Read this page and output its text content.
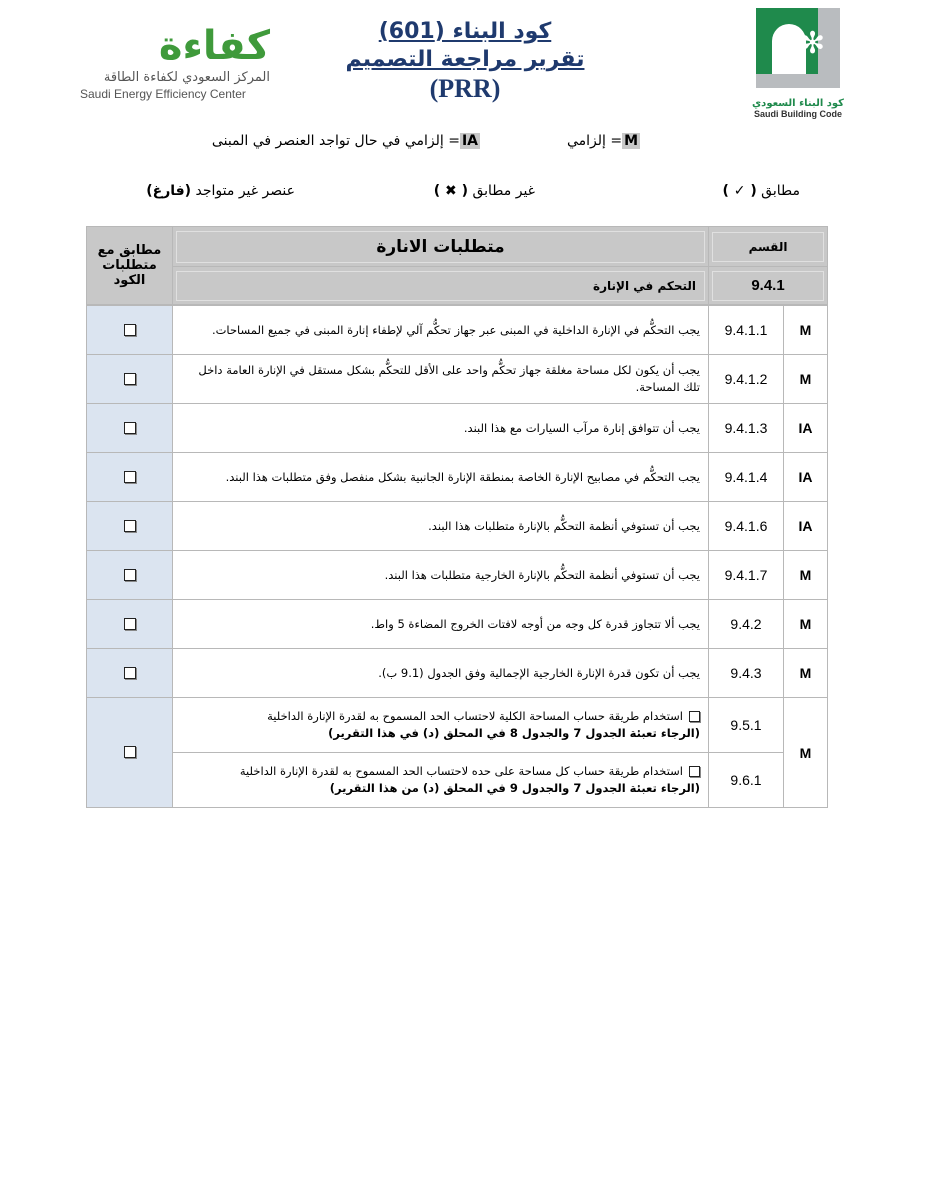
كفاءة
المركز السعودي لكفاءة الطاقة
Saudi Energy Efficiency Center
كود البناء (601)
تقرير مراجعة التصميم
(PRR)
✻
كود البناء السعودي
Saudi Building Code
M= إلزامي
IA= إلزامي في حال تواجد العنصر في المبنى
مطابق ( ✓ )
غير مطابق ( ✖ )
عنصر غير متواجد (فارغ)
مطابق مع متطلبات الكود	متطلبات الانارة	القسم	

	التحكم في الإنارة	9.4.1	

	يجب التحكُّم في الإنارة الداخلية في المبنى عبر جهاز تحكُّم آلي لإطفاء إنارة المبنى في جميع المساحات.	9.4.1.1	M
	يجب أن يكون لكل مساحة مغلقة جهاز تحكُّم واحد على الأقل للتحكُّم بشكل مستقل في الإنارة العامة داخل تلك المساحة.	9.4.1.2	M
	يجب أن تتوافق إنارة مرآب السيارات مع هذا البند.	9.4.1.3	IA
	يجب التحكُّم في مصابيح الإنارة الخاصة بمنطقة الإنارة الجانبية بشكل منفصل وفق متطلبات هذا البند.	9.4.1.4	IA
	يجب أن تستوفي أنظمة التحكُّم بالإنارة متطلبات هذا البند.	9.4.1.6	IA
	يجب أن تستوفي أنظمة التحكُّم بالإنارة الخارجية متطلبات هذا البند.	9.4.1.7	M
	يجب ألا تتجاوز قدرة كل وجه من أوجه لافتات الخروج المضاءة 5 واط.	9.4.2	M
	يجب أن تكون قدرة الإنارة الخارجية الإجمالية وفق الجدول (9.1 ب).	9.4.3	M

	استخدام طريقة حساب المساحة الكلية لاحتساب الحد المسموح به لقدرة الإنارة الداخلية
(الرجاء تعبئة الجدول 7 والجدول 8 في المحلق (د) في هذا التقرير)	9.5.1	M

	استخدام طريقة حساب كل مساحة على حده لاحتساب الحد المسموح به لقدرة الإنارة الداخلية
(الرجاء تعبئة الجدول 7 والجدول 9 في المحلق (د) من هذا التقرير)	9.6.1	
